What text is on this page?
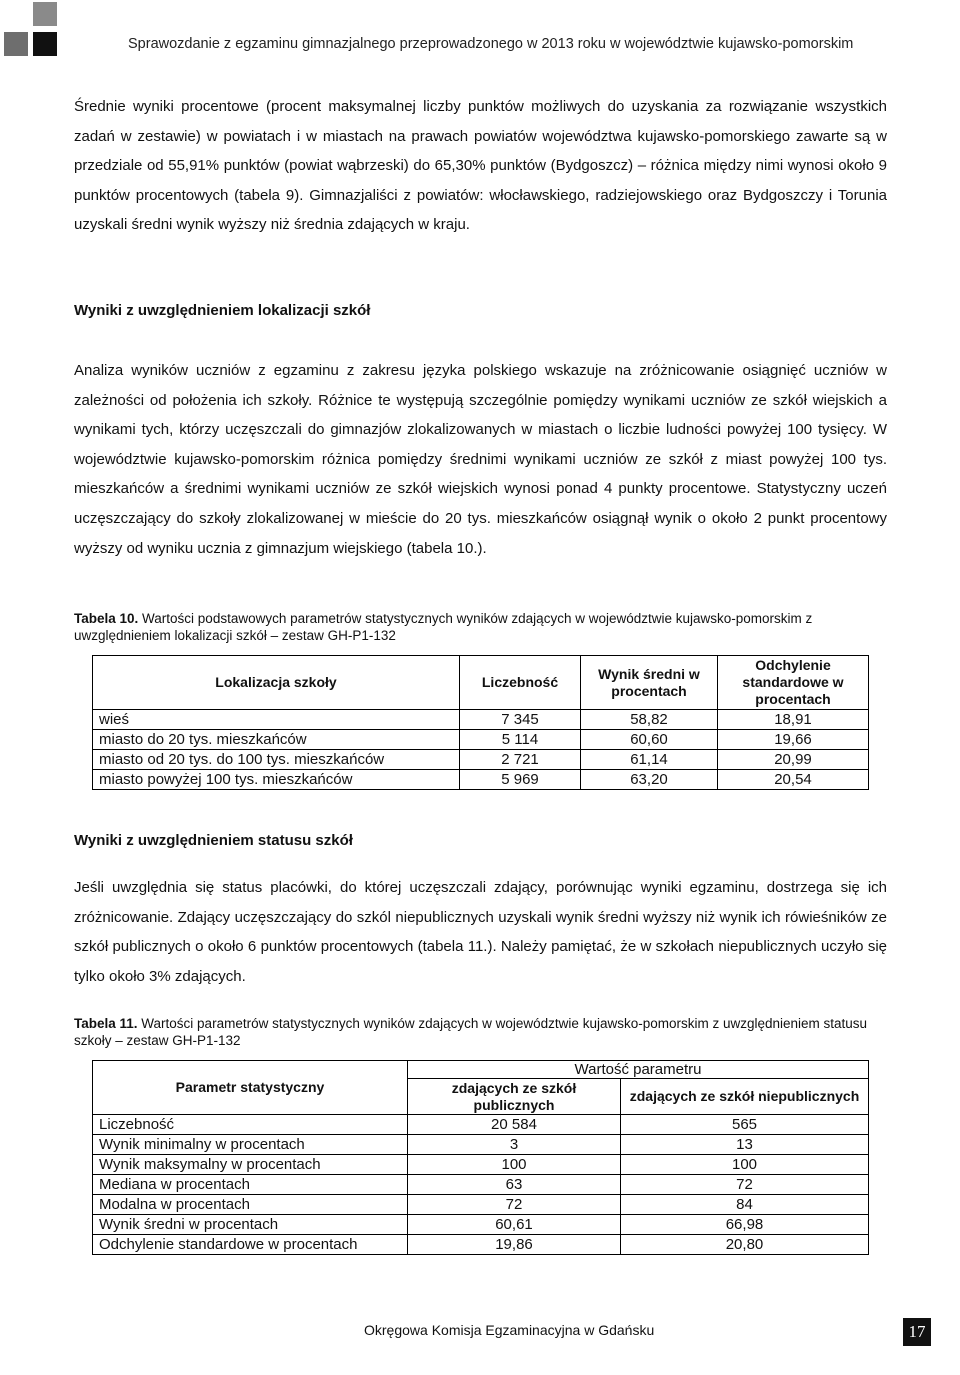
Sprawozdanie z egzaminu gimnazjalnego przeprowadzonego w 2013 roku w województwie kujawsko-pomorskim

Średnie wyniki procentowe (procent maksymalnej liczby punktów możliwych do uzyskania za rozwiązanie wszystkich zadań w zestawie) w powiatach i w miastach na prawach powiatów województwa kujawsko-pomorskiego zawarte są w przedziale od 55,91% punktów (powiat wąbrzeski) do 65,30% punktów (Bydgoszcz) – różnica między nimi wynosi około 9 punktów procentowych (tabela 9). Gimnazjaliści z powiatów: włocławskiego, radziejowskiego oraz Bydgoszczy i Torunia uzyskali średni wynik wyższy niż średnia zdających w kraju.

Wyniki z uwzględnieniem lokalizacji szkół

Analiza wyników uczniów z egzaminu z zakresu języka polskiego wskazuje na zróżnicowanie osiągnięć uczniów w zależności od położenia ich szkoły. Różnice te występują szczególnie pomiędzy wynikami uczniów ze szkół wiejskich a wynikami tych, którzy uczęszczali do gimnazjów zlokalizowanych w miastach o liczbie ludności powyżej 100 tysięcy. W województwie kujawsko-pomorskim różnica pomiędzy średnimi wynikami uczniów ze szkół z miast powyżej 100 tys. mieszkańców a średnimi wynikami uczniów ze szkół wiejskich wynosi ponad 4 punkty procentowe. Statystyczny uczeń uczęszczający do szkoły zlokalizowanej w mieście do 20 tys. mieszkańców osiągnął wynik o około 2 punkt procentowy wyższy od wyniku ucznia z gimnazjum wiejskiego (tabela 10.).

Tabela 10. Wartości podstawowych parametrów statystycznych wyników zdających w województwie kujawsko-pomorskim z uwzględnieniem lokalizacji szkół – zestaw GH-P1-132
Lokalizacja szkoły	Liczebność	Wynik średni w procentach	Odchylenie standardowe w procentach
wieś	7 345	58,82	18,91
miasto do 20 tys. mieszkańców	5 114	60,60	19,66
miasto od 20 tys. do 100 tys. mieszkańców	2 721	61,14	20,99
miasto powyżej 100 tys. mieszkańców	5 969	63,20	20,54
Wyniki z uwzględnieniem statusu szkół

Jeśli uwzględnia się status placówki, do której uczęszczali zdający, porównując wyniki egzaminu, dostrzega się ich zróżnicowanie. Zdający uczęszczający do szkól niepublicznych uzyskali wynik średni wyższy niż wynik ich rówieśników ze szkół publicznych o około 6 punktów procentowych (tabela 11.). Należy pamiętać, że w szkołach niepublicznych uczyło się tylko około 3% zdających.

Tabela 11. Wartości parametrów statystycznych wyników zdających w województwie kujawsko-pomorskim z uwzględnieniem statusu szkoły – zestaw GH-P1-132
Parametr statystyczny	Wartość parametru	
	zdających ze szkół publicznych	zdających ze szkół niepublicznych
Liczebność	20 584	565
Wynik minimalny w procentach	3	13
Wynik maksymalny w procentach	100	100
Mediana w procentach	63	72
Modalna w procentach	72	84
Wynik średni w procentach	60,61	66,98
Odchylenie standardowe w procentach	19,86	20,80
Okręgowa Komisja Egzaminacyjna w Gdańsku	17
